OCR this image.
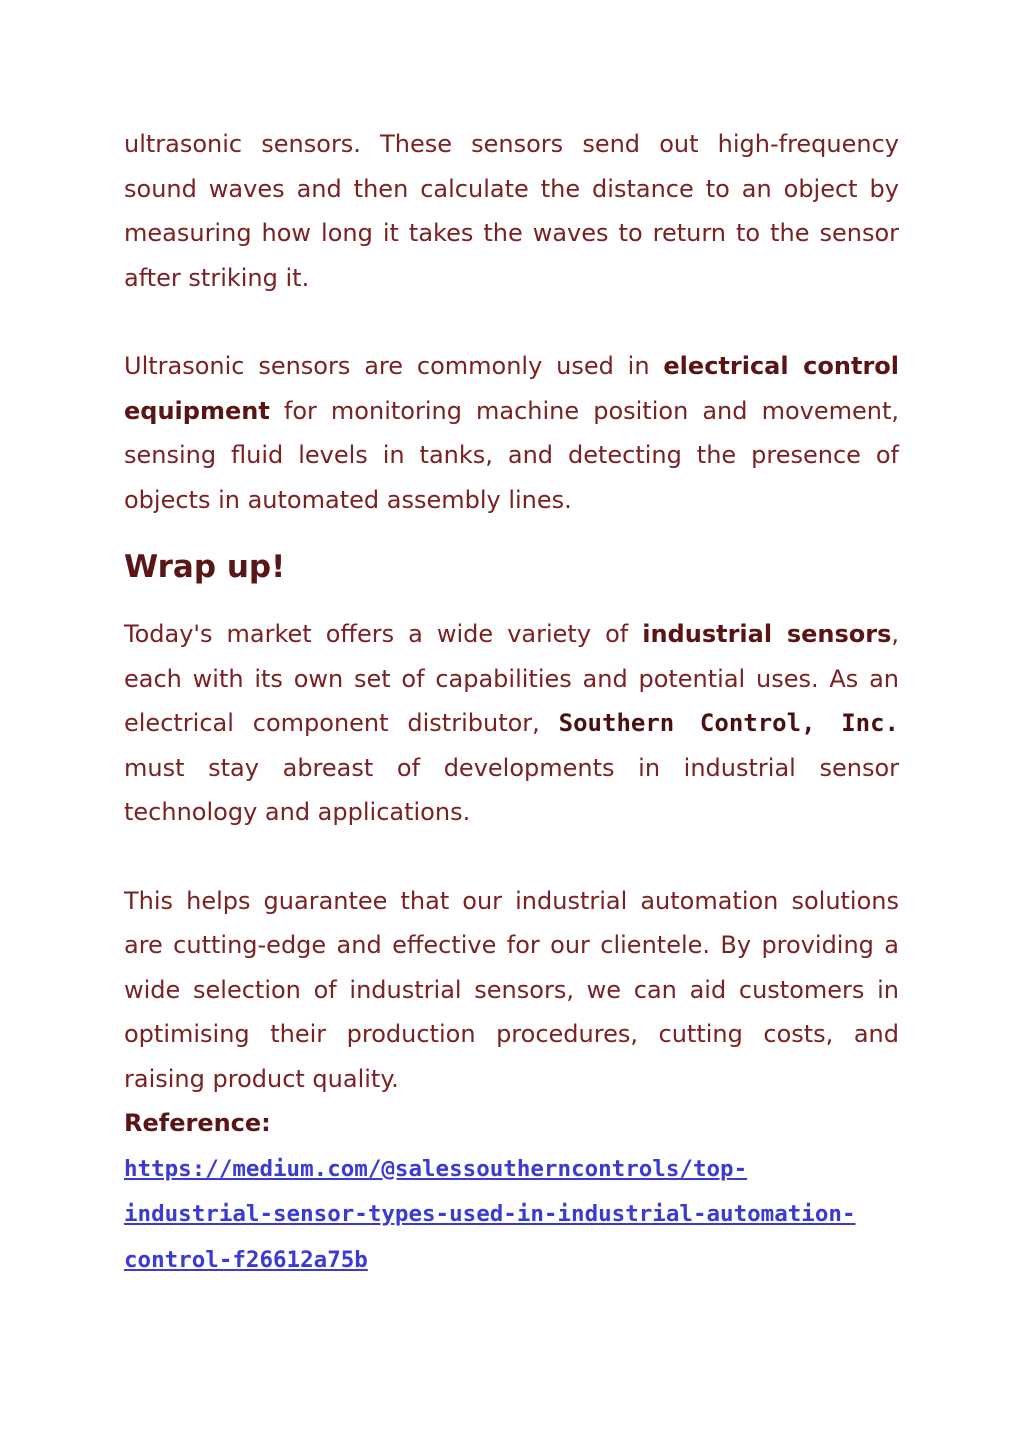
ultrasonic sensors. These sensors send out high-frequency sound waves and then calculate the distance to an object by measuring how long it takes the waves to return to the sensor after striking it.

Ultrasonic sensors are commonly used in electrical control equipment for monitoring machine position and movement, sensing fluid levels in tanks, and detecting the presence of objects in automated assembly lines.

Wrap up!

Today's market offers a wide variety of industrial sensors, each with its own set of capabilities and potential uses. As an electrical component distributor, Southern Control, Inc. must stay abreast of developments in industrial sensor technology and applications.

This helps guarantee that our industrial automation solutions are cutting-edge and effective for our clientele. By providing a wide selection of industrial sensors, we can aid customers in optimising their production procedures, cutting costs, and raising product quality.

Reference:

https://medium.com/@salessoutherncontrols/top-

industrial-sensor-types-used-in-industrial-automation-

control-f26612a75b
